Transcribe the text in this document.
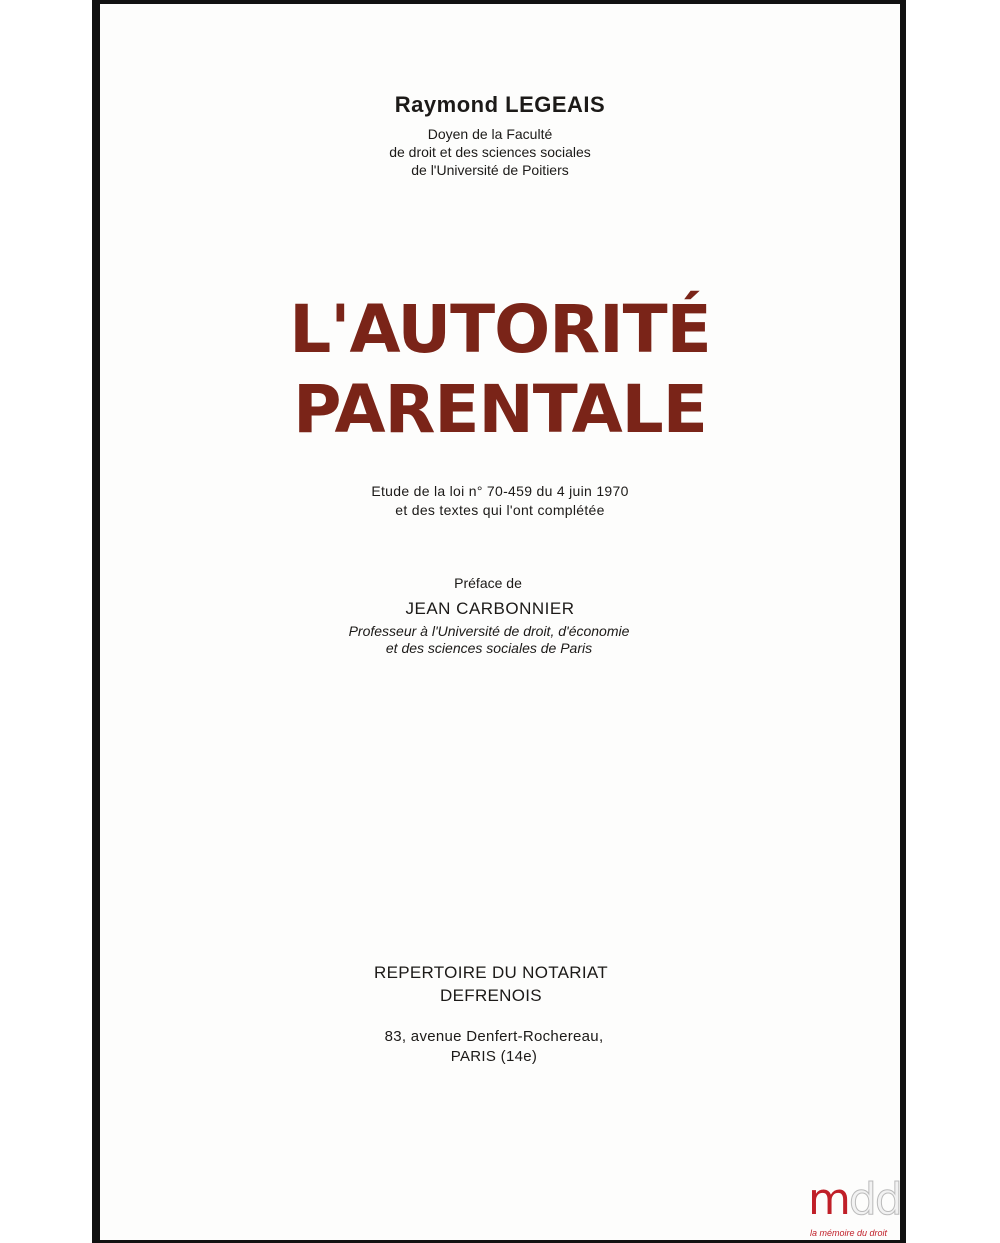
Raymond LEGEAIS
Doyen de la Faculté
de droit et des sciences sociales
de l'Université de Poitiers
L'AUTORITÉ
PARENTALE
Etude de la loi n° 70-459 du 4 juin 1970
et des textes qui l'ont complétée
Préface de
JEAN CARBONNIER
Professeur à l'Université de droit, d'économie
et des sciences sociales de Paris
REPERTOIRE DU NOTARIAT
DEFRENOIS
83, avenue Denfert-Rochereau,
PARIS (14e)
mdd
la mémoire du droit
